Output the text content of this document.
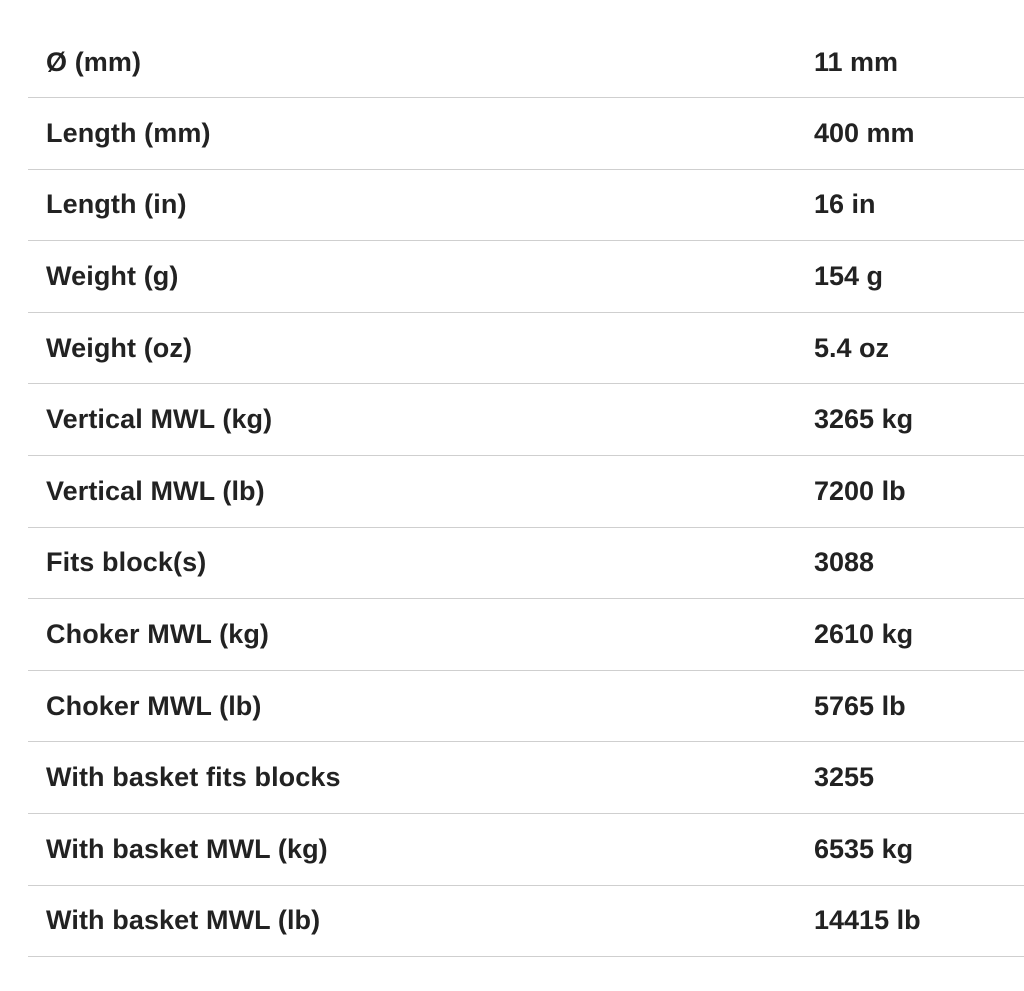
Ø (mm)	11 mm
Length (mm)	400 mm
Length (in)	16 in
Weight (g)	154 g
Weight (oz)	5.4 oz
Vertical MWL (kg)	3265 kg
Vertical MWL (lb)	7200 lb
Fits block(s)	3088
Choker MWL (kg)	2610 kg
Choker MWL (lb)	5765 lb
With basket fits blocks	3255
With basket MWL (kg)	6535 kg
With basket MWL (lb)	14415 lb
